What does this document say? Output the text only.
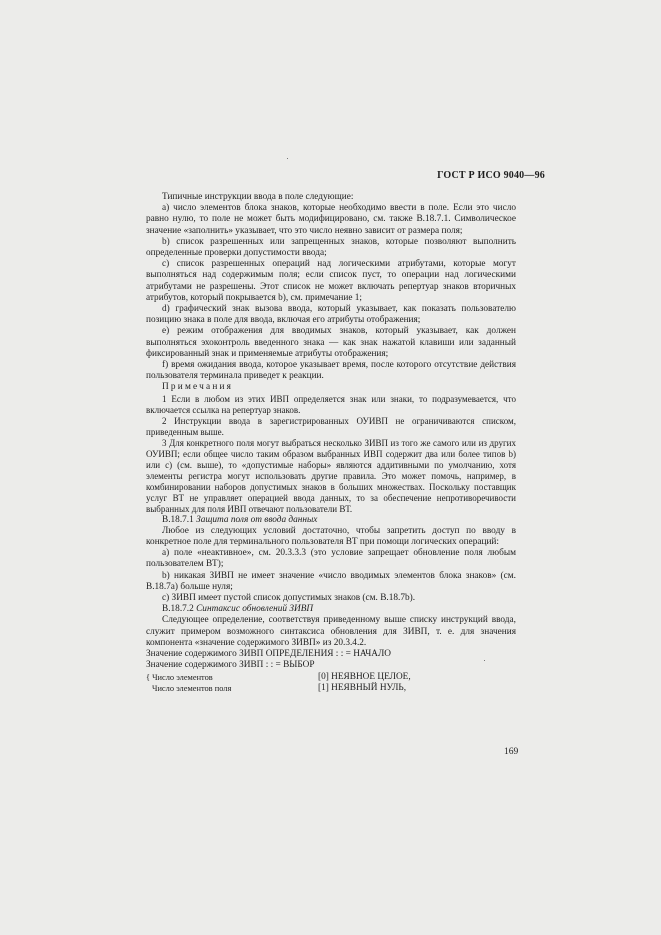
ГОСТ Р ИСО 9040—96

Типичные инструкции ввода в поле следующие:

а) число элементов блока знаков, которые необходимо ввести в поле. Если это число равно нулю, то поле не может быть модифицировано, см. также В.18.7.1. Символическое значение «заполнить» указывает, что это число неявно зависит от размера поля;

b) список разрешенных или запрещенных знаков, которые позволяют выполнить определенные проверки допустимости ввода;

с) список разрешенных операций над логическими атрибутами, которые могут выполняться над содержимым поля; если список пуст, то операции над логическими атрибутами не разрешены. Этот список не может включать репертуар знаков вторичных атрибутов, который покрывается b), см. примечание 1;

d) графический знак вызова ввода, который указывает, как показать пользователю позицию знака в поле для ввода, включая его атрибуты отображения;

е) режим отображения для вводимых знаков, который указывает, как должен выполняться эхоконтроль введенного знака — как знак нажатой клавиши или заданный фиксированный знак и применяемые атрибуты отображения;

f) время ожидания ввода, которое указывает время, после которого отсутствие действия пользователя терминала приведет к реакции.

Примечания

1 Если в любом из этих ИВП определяется знак или знаки, то подразумевается, что включается ссылка на репертуар знаков.

2 Инструкции ввода в зарегистрированных ОУИВП не ограничиваются списком, приведенным выше.

3 Для конкретного поля могут выбраться несколько ЗИВП из того же самого или из других ОУИВП; если общее число таким образом выбранных ИВП содержит два или более типов b) или с) (см. выше), то «допустимые наборы» являются аддитивными по умолчанию, хотя элементы регистра могут использовать другие правила. Это может помочь, например, в комбинировании наборов допустимых знаков в больших множествах. Поскольку поставщик услуг ВТ не управляет операцией ввода данных, то за обеспечение непротиворечивости выбранных для поля ИВП отвечают пользователи ВТ.

В.18.7.1 Защита поля от ввода данных

Любое из следующих условий достаточно, чтобы запретить доступ по вводу в конкретное поле для терминального пользователя ВТ при помощи логических операций:

а) поле «неактивное», см. 20.3.3.3 (это условие запрещает обновление поля любым пользователем ВТ);

b) никакая ЗИВП не имеет значение «число вводимых элементов блока знаков» (см. В.18.7а) больше нуля;

с) ЗИВП имеет пустой список допустимых знаков (см. В.18.7b).

В.18.7.2 Синтаксис обновлений ЗИВП

Следующее определение, соответствуя приведенному выше списку инструкций ввода, служит примером возможного синтаксиса обновления для ЗИВП, т. е. для значения компонента «значение содержимого ЗИВП» из 20.3.4.2.

Значение содержимого ЗИВП ОПРЕДЕЛЕНИЯ : : = НАЧАЛО
Значение содержимого ЗИВП : : = ВЫБОР
{ Число элементов	[0] НЕЯВНОЕ ЦЕЛОЕ,
Число элементов поля	[1] НЕЯВНЫЙ НУЛЬ,
169
